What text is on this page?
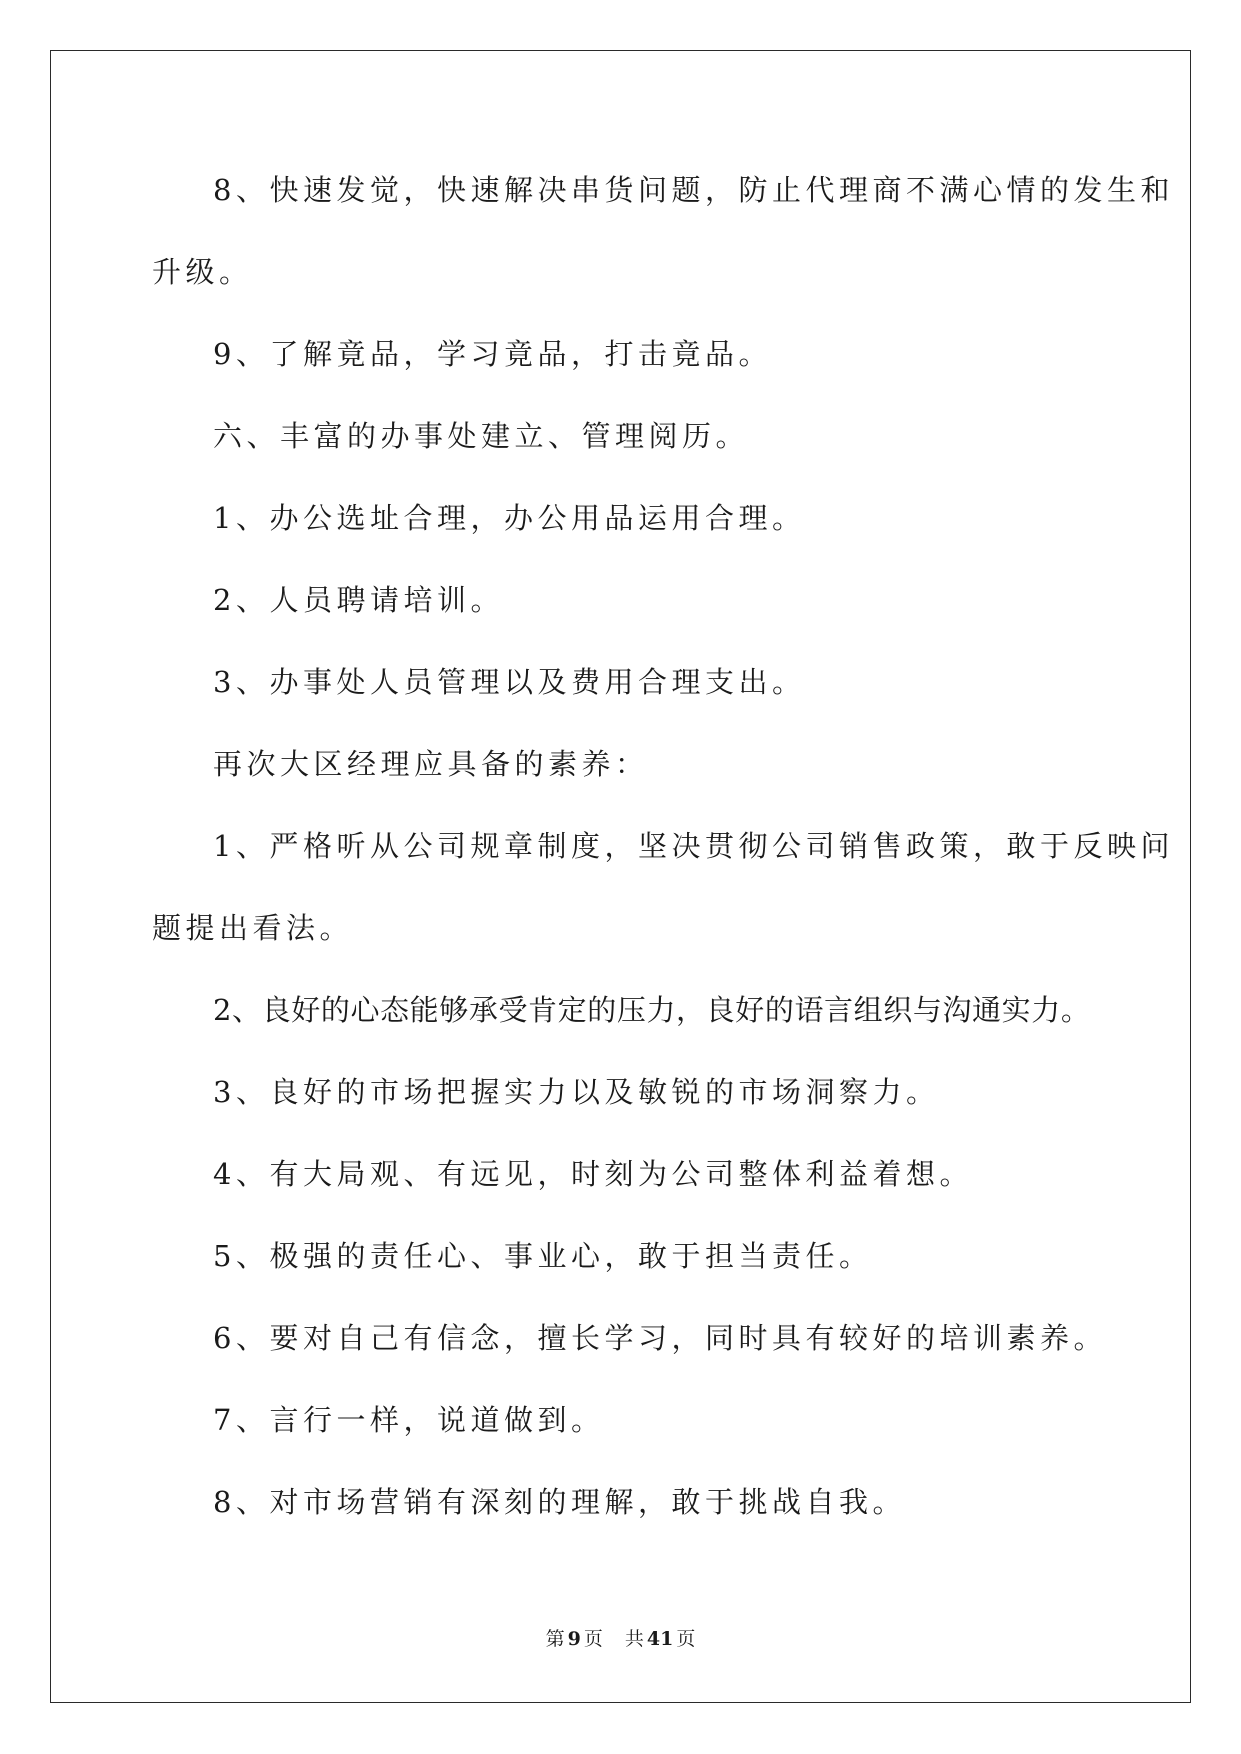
8、快速发觉，快速解决串货问题，防止代理商不满心情的发生和
升级。
9、了解竟品，学习竟品，打击竟品。
六、丰富的办事处建立、管理阅历。
1、办公选址合理，办公用品运用合理。
2、人员聘请培训。
3、办事处人员管理以及费用合理支出。
再次大区经理应具备的素养：
1、严格听从公司规章制度，坚决贯彻公司销售政策，敢于反映问
题提出看法。
2、良好的心态能够承受肯定的压力，良好的语言组织与沟通实力。
3、良好的市场把握实力以及敏锐的市场洞察力。
4、有大局观、有远见，时刻为公司整体利益着想。
5、极强的责任心、事业心，敢于担当责任。
6、要对自己有信念，擅长学习，同时具有较好的培训素养。
7、言行一样，说道做到。
8、对市场营销有深刻的理解，敢于挑战自我。
第 9 页 共 41 页
